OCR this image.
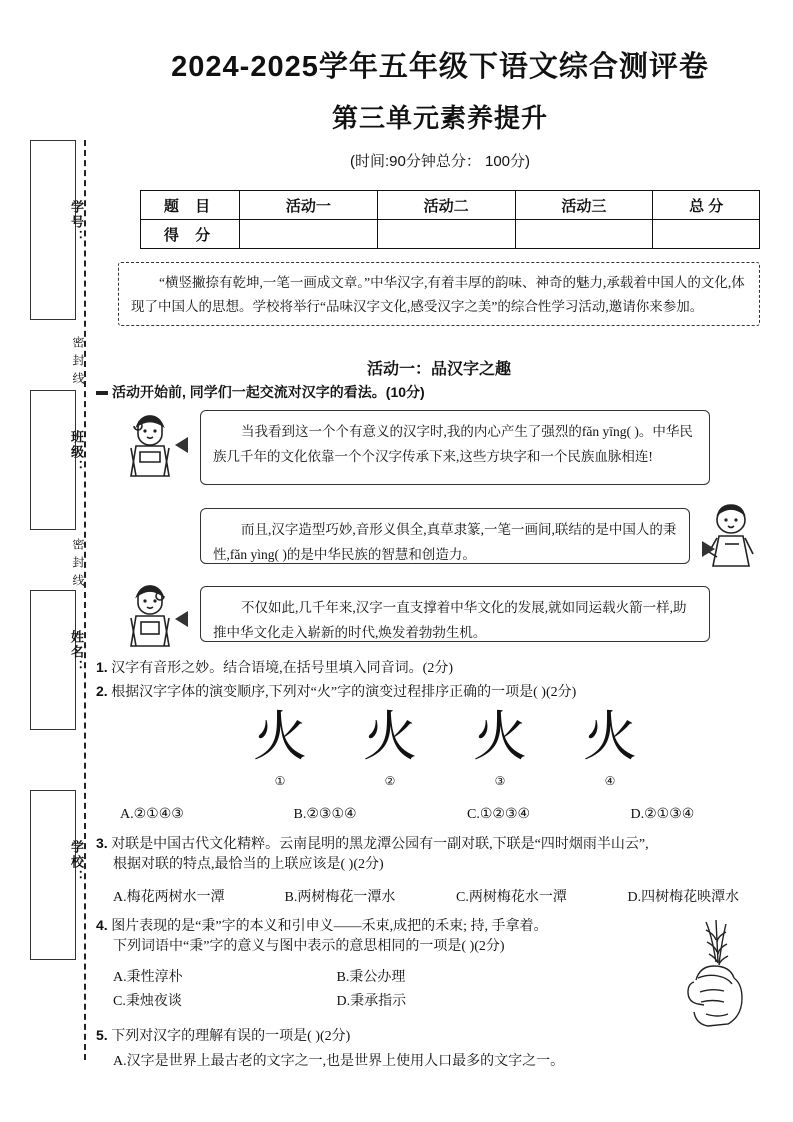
学号：
班级：
姓名：
学校：
密封线
密封线
2024-2025学年五年级下语文综合测评卷
第三单元素养提升
(时间:90分钟总分： 100分)
题 目	活动一	活动二	活动三	总 分
得 分				
“横竖撇捺有乾坤,一笔一画成文章。”中华汉字,有着丰厚的韵味、神奇的魅力,承载着中国人的文化,体现了中国人的思想。学校将举行“品味汉字文化,感受汉字之美”的综合性学习活动,邀请你来参加。
活动一：品汉字之趣
活动开始前, 同学们一起交流对汉字的看法。(10分)
当我看到这一个个有意义的汉字时,我的内心产生了强烈的fǎn yīng( )。中华民族几千年的文化依靠一个个汉字传承下来,这些方块字和一个民族血脉相连!
而且,汉字造型巧妙,音形义俱全,真草隶篆,一笔一画间,联结的是中国人的秉性,fǎn yìng( )的是中华民族的智慧和创造力。
不仅如此,几千年来,汉字一直支撑着中华文化的发展,就如同运载火箭一样,助推中华文化走入崭新的时代,焕发着勃勃生机。
1. 汉字有音形之妙。结合语境,在括号里填入同音词。(2分)
2. 根据汉字字体的演变顺序,下列对“火”字的演变过程排序正确的一项是( )(2分)
火 火 火 火
①	②	③	④
A.②①④③	B.②③①④	C.①②③④	D.②①③④
3. 对联是中国古代文化精粹。云南昆明的黑龙潭公园有一副对联,下联是“四时烟雨半山云”,
根据对联的特点,最恰当的上联应该是( )(2分)
A.梅花两树水一潭	B.两树梅花一潭水	C.两树梅花水一潭	D.四树梅花映潭水
4. 图片表现的是“秉”字的本义和引申义——禾束,成把的禾束; 持, 手拿着。
下列词语中“秉”字的意义与图中表示的意思相同的一项是( )(2分)
A.秉性淳朴	B.秉公办理
C.秉烛夜谈	D.秉承指示
5. 下列对汉字的理解有误的一项是( )(2分)
A.汉字是世界上最古老的文字之一,也是世界上使用人口最多的文字之一。
